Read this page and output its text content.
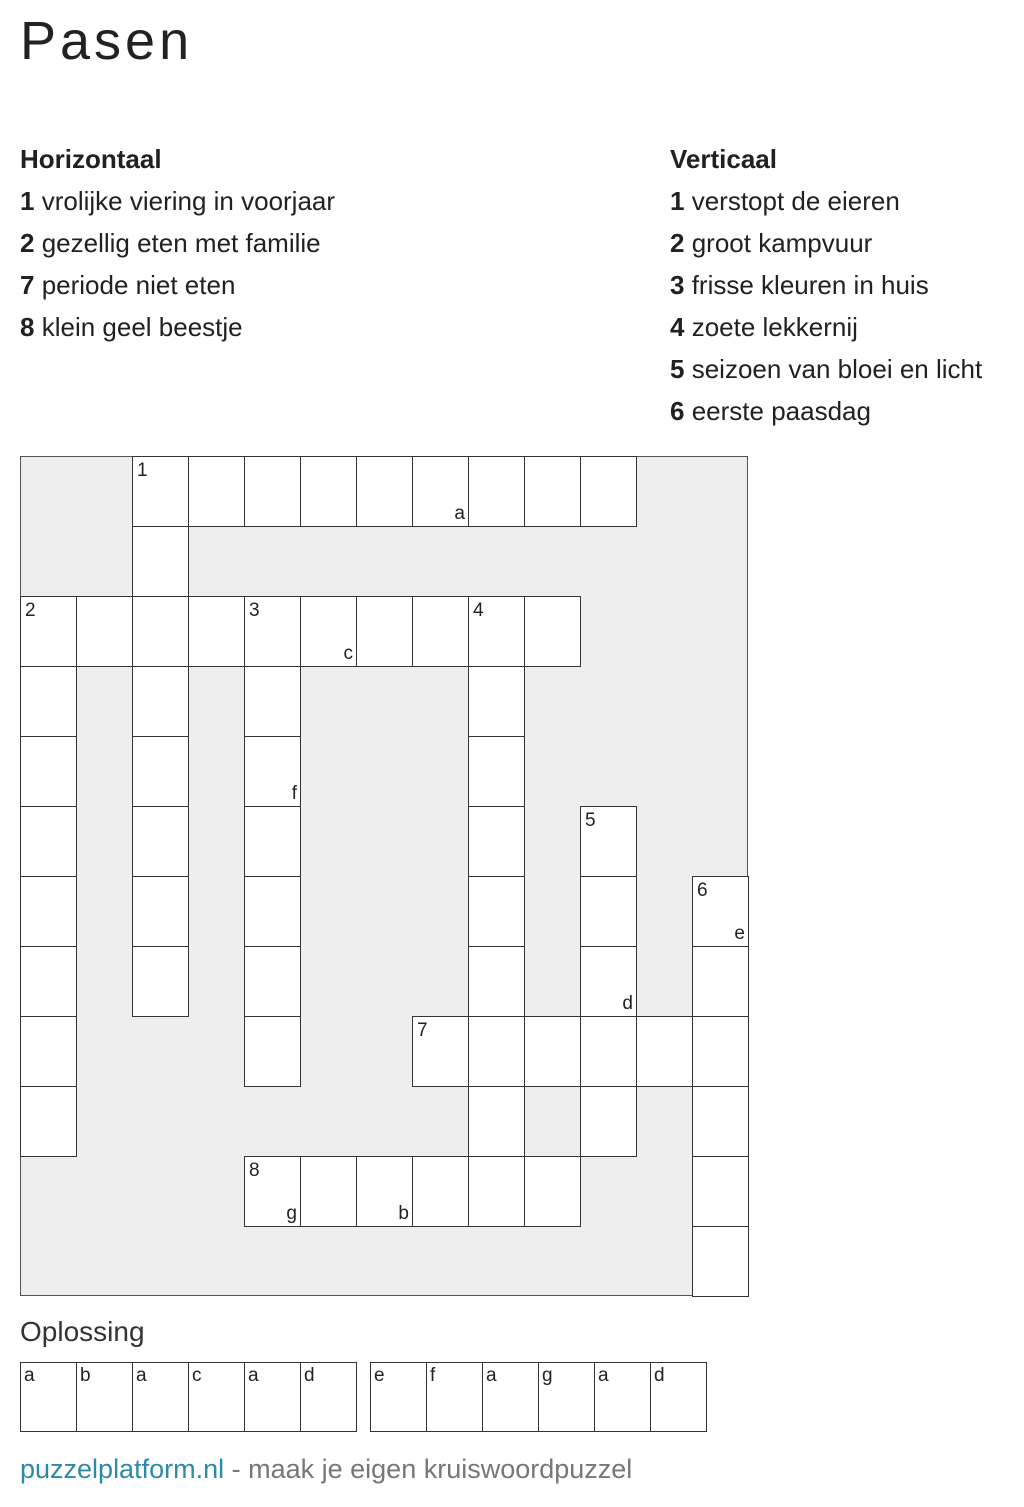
Pasen
Horizontaal
1 vrolijke viering in voorjaar
2 gezellig eten met familie
7 periode niet eten
8 klein geel beestje
Verticaal
1 verstopt de eieren
2 groot kampvuur
3 frisse kleuren in huis
4 zoete lekkernij
5 seizoen van bloei en licht
6 eerste paasdag
1
a
2	3
c
4
7
8
g	b
f
5
d
6
e
Oplossing
a b a c a d	e f	a g a d
puzzelplatform.nl - maak je eigen kruiswoordpuzzel
